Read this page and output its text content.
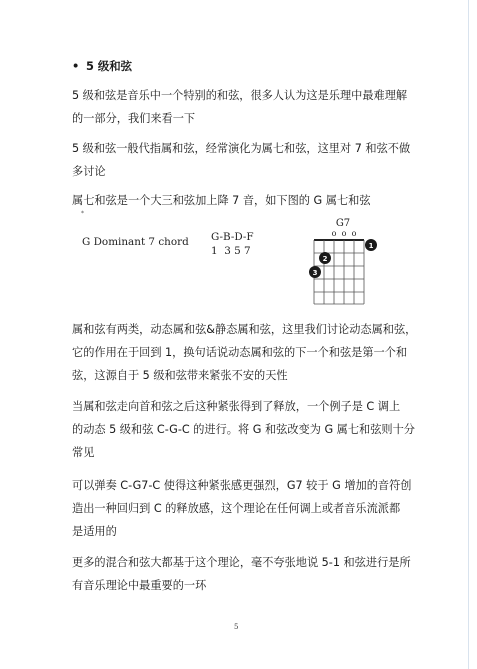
• 5 级和弦
5 级和弦是音乐中一个特别的和弦，很多人认为这是乐理中最难理解
的一部分，我们来看一下
5 级和弦一般代指属和弦，经常演化为属七和弦，这里对 7 和弦不做
多讨论
属七和弦是一个大三和弦加上降 7 音，如下图的 G 属七和弦
*
G Dominant 7 chord G-B-D-F
1  3 5 7
G7
o o o
1
2
3
属和弦有两类，动态属和弦&静态属和弦，这里我们讨论动态属和弦，
它的作用在于回到 1，换句话说动态属和弦的下一个和弦是第一个和
弦，这源自于 5 级和弦带来紧张不安的天性
当属和弦走向首和弦之后这种紧张得到了释放，一个例子是 C 调上
的动态 5 级和弦 C-G-C 的进行。将 G 和弦改变为 G 属七和弦则十分
常见
可以弹奏 C-G7-C 使得这种紧张感更强烈，G7 较于 G 增加的音符创
造出一种回归到 C 的释放感，这个理论在任何调上或者音乐流派都
是适用的
更多的混合和弦大都基于这个理论，毫不夸张地说 5-1 和弦进行是所
有音乐理论中最重要的一环
5
